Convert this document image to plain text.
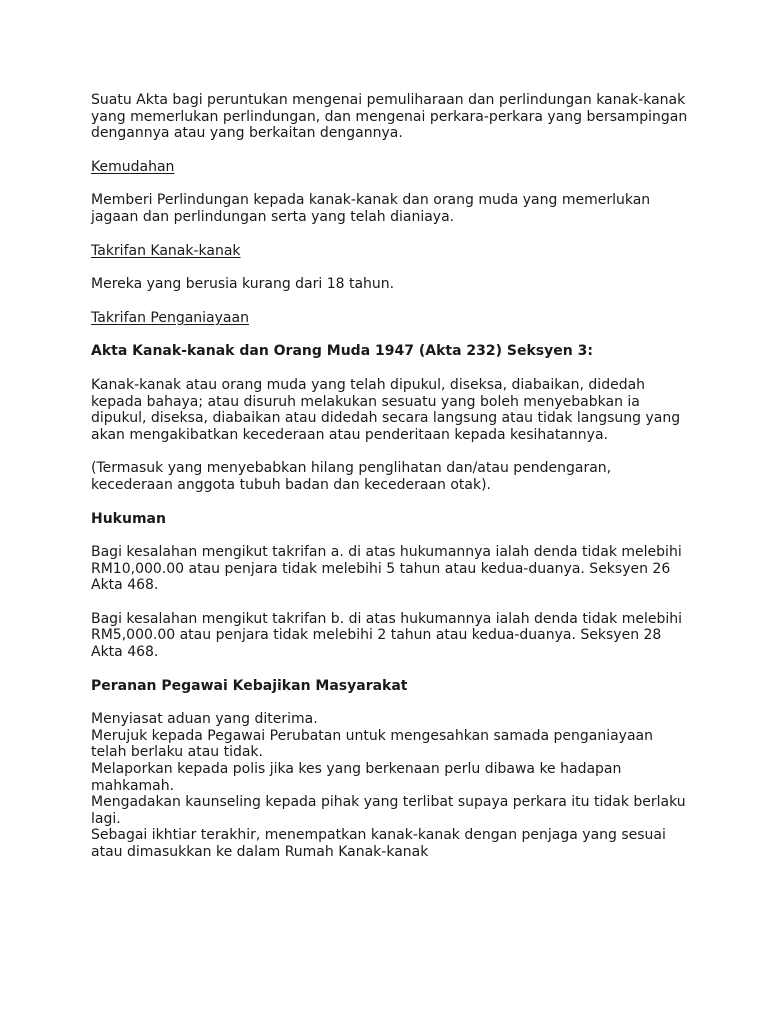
Suatu Akta bagi peruntukan mengenai pemuliharaan dan perlindungan kanak-kanak yang memerlukan perlindungan, dan mengenai perkara-perkara yang bersampingan dengannya atau yang berkaitan dengannya.

Kemudahan

Memberi Perlindungan kepada kanak-kanak dan orang muda yang memerlukan jagaan dan perlindungan serta yang telah dianiaya.

Takrifan Kanak-kanak

Mereka yang berusia kurang dari 18 tahun.

Takrifan Penganiayaan

Akta Kanak-kanak dan Orang Muda 1947 (Akta 232) Seksyen 3:

Kanak-kanak atau orang muda yang telah dipukul, diseksa, diabaikan, didedah kepada bahaya; atau disuruh melakukan sesuatu yang boleh menyebabkan ia dipukul, diseksa, diabaikan atau didedah secara langsung atau tidak langsung yang akan mengakibatkan kecederaan atau penderitaan kepada kesihatannya.

(Termasuk yang menyebabkan hilang penglihatan dan/atau pendengaran, kecederaan anggota tubuh badan dan kecederaan otak).

Hukuman

Bagi kesalahan mengikut takrifan a. di atas hukumannya ialah denda tidak melebihi RM10,000.00 atau penjara tidak melebihi 5 tahun atau kedua-duanya. Seksyen 26 Akta 468.

Bagi kesalahan mengikut takrifan b. di atas hukumannya ialah denda tidak melebihi RM5,000.00 atau penjara tidak melebihi 2 tahun atau kedua-duanya. Seksyen 28 Akta 468.

Peranan Pegawai Kebajikan Masyarakat

Menyiasat aduan yang diterima.

Merujuk kepada Pegawai Perubatan untuk mengesahkan samada penganiayaan telah berlaku atau tidak.

Melaporkan kepada polis jika kes yang berkenaan perlu dibawa ke hadapan mahkamah.

Mengadakan kaunseling kepada pihak yang terlibat supaya perkara itu tidak berlaku lagi.

Sebagai ikhtiar terakhir, menempatkan kanak-kanak dengan penjaga yang sesuai atau dimasukkan ke dalam Rumah Kanak-kanak
